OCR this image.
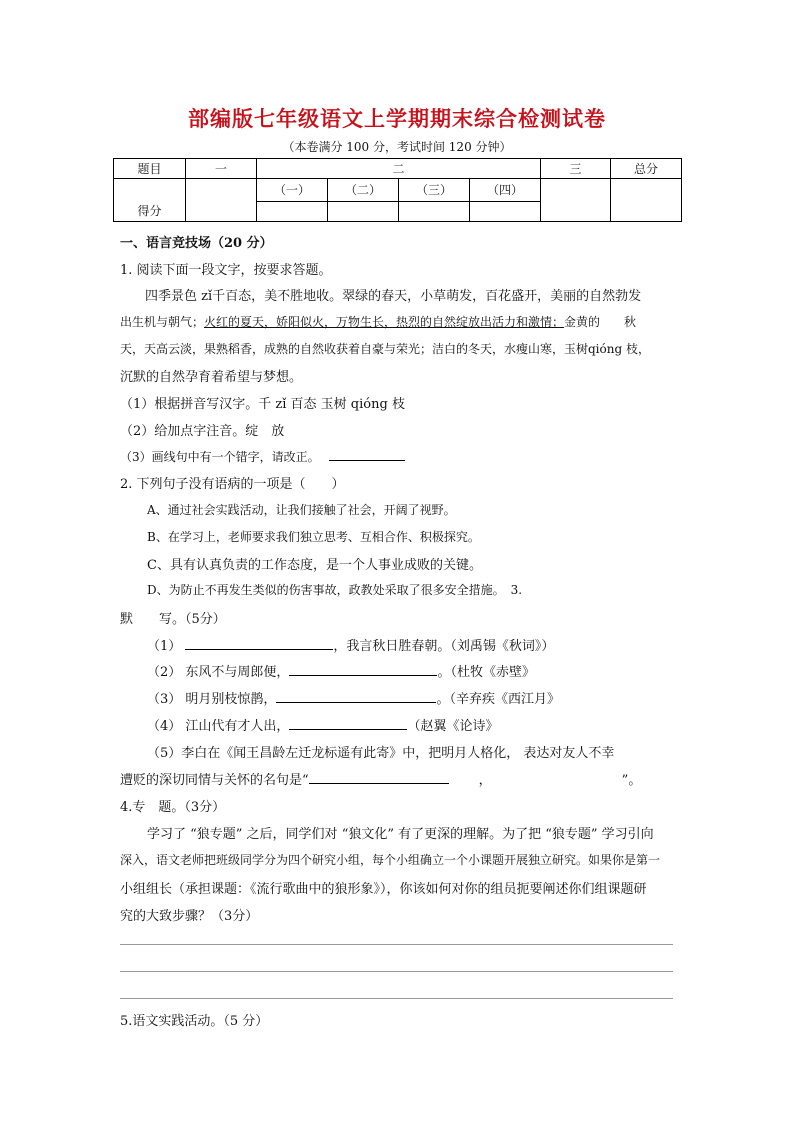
部编版七年级语文上学期期末综合检测试卷
（本卷满分 100 分，考试时间 120 分钟）
题目	一	二				三	总分
得分		（一）	（二）	（三）	（四）		

一、语言竞技场（20 分）
1. 阅读下面一段文字，按要求答题。
四季景色 zǐ千百态，美不胜地收。翠绿的春天，小草萌发，百花盛开，美丽的自然勃发
出生机与朝气；火红的夏天，娇阳似火，万物生长，热烈的自然绽放出活力和激情；金黄的　　秋
天，天高云淡，果熟稻香，成熟的自然收获着自豪与荣光；洁白的冬天，水瘦山寒，玉树qióng 枝，
沉默的自然孕育着希望与梦想。
（1）根据拼音写汉字。千 zǐ 百态 玉树 qióng 枝
（2）给加点字注音。绽　放
（3）画线句中有一个错字，请改正。
2. 下列句子没有语病的一项是（　　）
A、通过社会实践活动，让我们接触了社会，开阔了视野。
B、在学习上，老师要求我们独立思考、互相合作、积极探究。
C、具有认真负责的工作态度，是一个人事业成败的关键。
D、为防止不再发生类似的伤害事故，政教处采取了很多安全措施。　3.
默　　写。（5分）
（1）	，我言秋日胜春朝。（刘禹锡《秋词》）
（2） 东风不与周郎便，	。（杜牧《赤壁》
（3） 明月别枝惊鹊，	。（辛弃疾《西江月》
（4） 江山代有才人出，	（赵翼《论诗》
（5）李白在《闻王昌龄左迁龙标遥有此寄》中，把明月人格化， 表达对友人不幸
遭贬的深切同情与关怀的名句是“	，	”。
4.专　题。（3分）
学习了 “狼专题” 之后，同学们对 “狼文化” 有了更深的理解。为了把 “狼专题” 学习引向
深入，语文老师把班级同学分为四个研究小组，每个小组确立一个小课题开展独立研究。如果你是第一
小组组长（承担课题：《流行歌曲中的狼形象》），你该如何对你的组员扼要阐述你们组课题研
究的大致步骤？（3分）
5.语文实践活动。（5 分）
